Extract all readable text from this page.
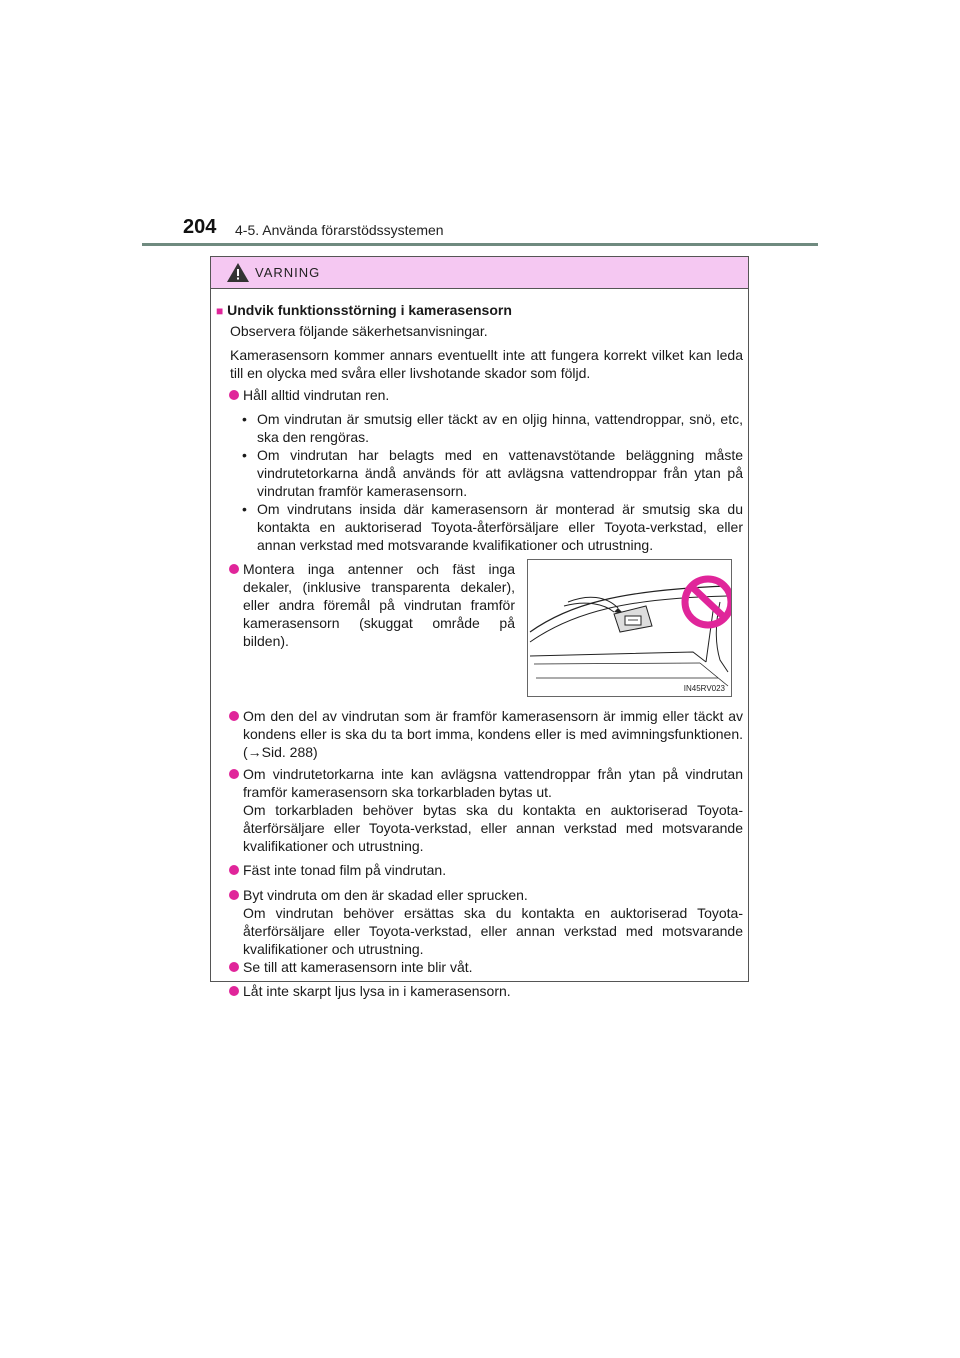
204 4-5. Använda förarstödssystemen
VARNING
■ Undvik funktionsstörning i kamerasensorn
Observera följande säkerhetsanvisningar.
Kamerasensorn kommer annars eventuellt inte att fungera korrekt vilket kan leda till en olycka med svåra eller livshotande skador som följd.
Håll alltid vindrutan ren.
• Om vindrutan är smutsig eller täckt av en oljig hinna, vattendroppar, snö, etc, ska den rengöras.
• Om vindrutan har belagts med en vattenavstötande beläggning måste vindrutetorkarna ändå används för att avlägsna vattendroppar från ytan på vindrutan framför kamerasensorn.
• Om vindrutans insida där kamerasensorn är monterad är smutsig ska du kontakta en auktoriserad Toyota-återförsäljare eller Toyota-verkstad, eller annan verkstad med motsvarande kvalifikationer och utrustning.
Montera inga antenner och fäst inga dekaler, (inklusive transparenta dekaler), eller andra föremål på vindrutan framför kamerasensorn (skuggat område på bilden).
IN45RV023
Om den del av vindrutan som är framför kamerasensorn är immig eller täckt av kondens eller is ska du ta bort imma, kondens eller is med avimningsfunktionen. (→Sid. 288)
Om vindrutetorkarna inte kan avlägsna vattendroppar från ytan på vindrutan framför kamerasensorn ska torkarbladen bytas ut.
Om torkarbladen behöver bytas ska du kontakta en auktoriserad Toyota-återförsäljare eller Toyota-verkstad, eller annan verkstad med motsvarande kvalifikationer och utrustning.
Fäst inte tonad film på vindrutan.
Byt vindruta om den är skadad eller sprucken.
Om vindrutan behöver ersättas ska du kontakta en auktoriserad Toyota-återförsäljare eller Toyota-verkstad, eller annan verkstad med motsvarande kvalifikationer och utrustning.
Se till att kamerasensorn inte blir våt.
Låt inte skarpt ljus lysa in i kamerasensorn.
